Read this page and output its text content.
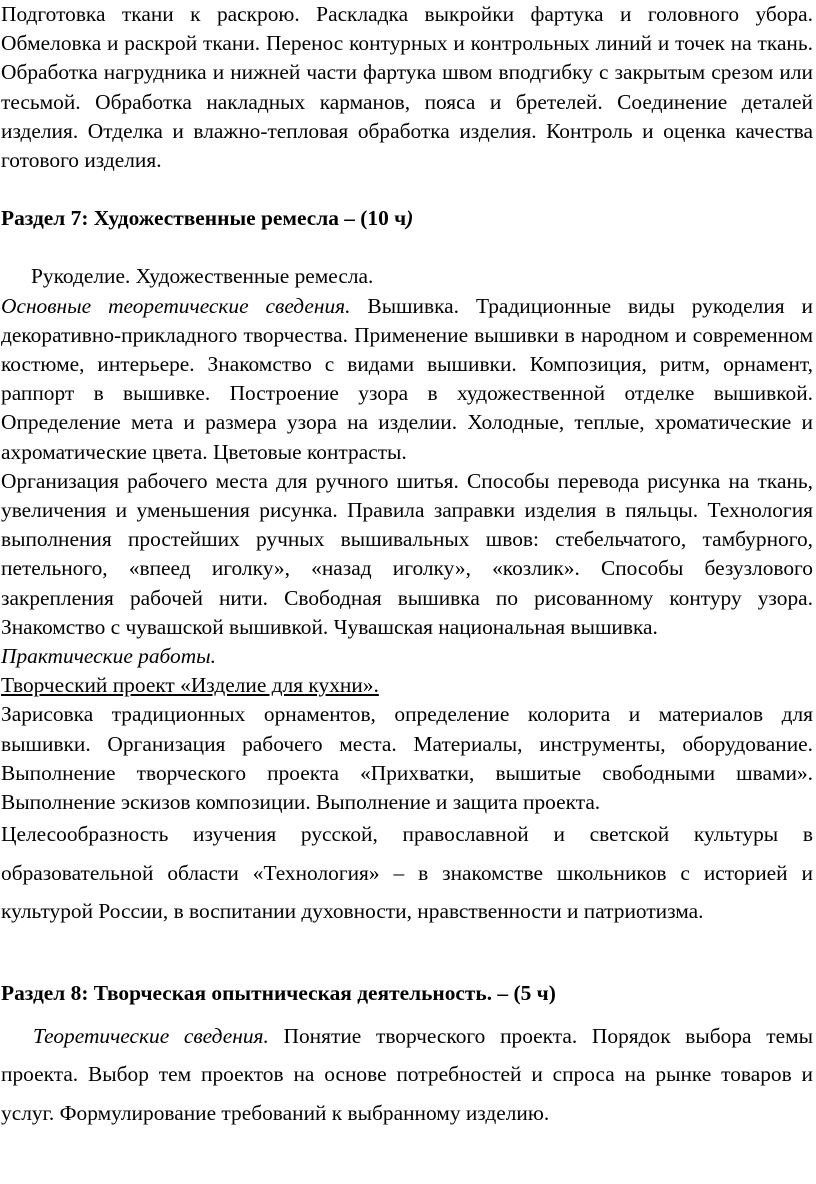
Подготовка ткани к раскрою. Раскладка выкройки фартука и головного убора. Обмеловка и раскрой ткани. Перенос контурных и контрольных линий и точек на ткань. Обработка нагрудника и нижней части фартука швом вподгибку с закрытым срезом или тесьмой. Обработка накладных карманов, пояса и бретелей. Соединение деталей изделия. Отделка и влажно-тепловая обработка изделия. Контроль и оценка качества готового изделия.

Раздел 7: Художественные ремесла – (10 ч)

Рукоделие. Художественные ремесла.

Основные теоретические сведения. Вышивка. Традиционные виды рукоделия и декоративно-прикладного творчества. Применение вышивки в народном и современном костюме, интерьере. Знакомство с видами вышивки. Композиция, ритм, орнамент, раппорт в вышивке. Построение узора в художественной отделке вышивкой. Определение мета и размера узора на изделии. Холодные, теплые, хроматические и ахроматические цвета. Цветовые контрасты.

Организация рабочего места для ручного шитья. Способы перевода рисунка на ткань, увеличения и уменьшения рисунка. Правила заправки изделия в пяльцы. Технология выполнения простейших ручных вышивальных швов: стебельчатого, тамбурного, петельного, «впеед иголку», «назад иголку», «козлик». Способы безузлового закрепления рабочей нити. Свободная вышивка по рисованному контуру узора. Знакомство с чувашской вышивкой. Чувашская национальная вышивка.

Практические работы.

Творческий проект «Изделие для кухни».

Зарисовка традиционных орнаментов, определение колорита и материалов для вышивки. Организация рабочего места. Материалы, инструменты, оборудование. Выполнение творческого проекта «Прихватки, вышитые свободными швами». Выполнение эскизов композиции. Выполнение и защита проекта.

Целесообразность изучения русской, православной и светской культуры в образовательной области «Технология» – в знакомстве школьников с историей и культурой России, в воспитании духовности, нравственности и патриотизма.

Раздел 8: Творческая опытническая деятельность. – (5 ч)

Теоретические сведения. Понятие творческого проекта. Порядок выбора темы проекта. Выбор тем проектов на основе потребностей и спроса на рынке товаров и услуг. Формулирование требований к выбранному изделию.
